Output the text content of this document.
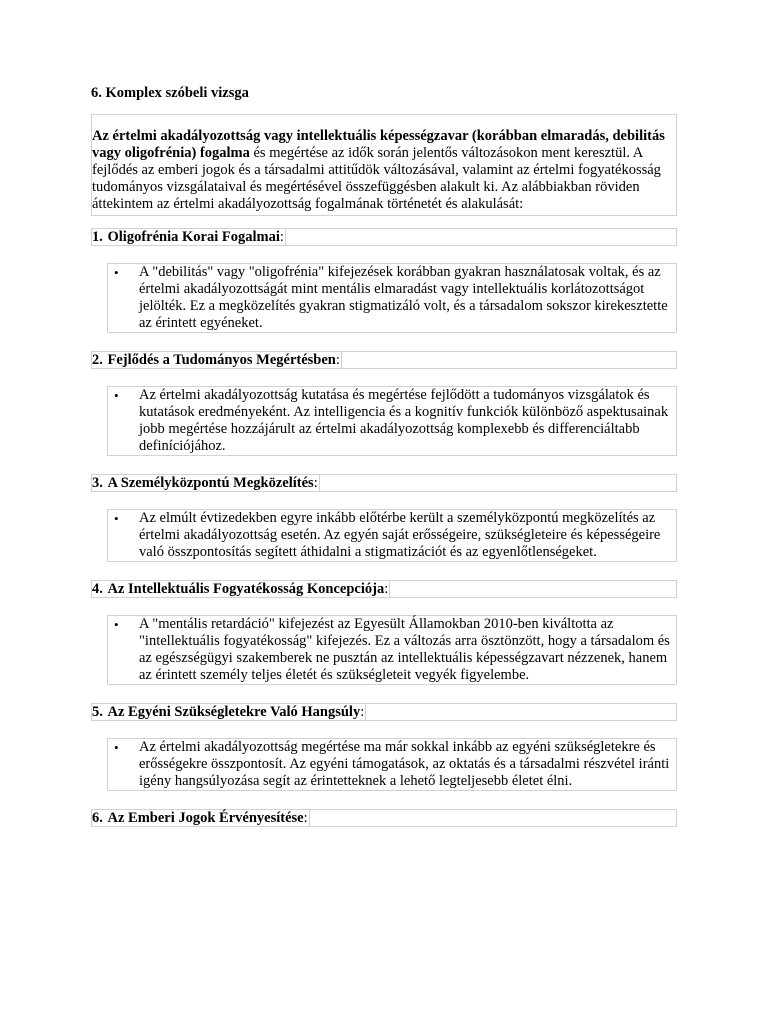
6. Komplex szóbeli vizsga
Az értelmi akadályozottság vagy intellektuális képességzavar (korábban elmaradás, debilitás vagy oligofrénia) fogalma és megértése az idők során jelentős változásokon ment keresztül. A fejlődés az emberi jogok és a társadalmi attitűdök változásával, valamint az értelmi fogyatékosság tudományos vizsgálataival és megértésével összefüggésben alakult ki. Az alábbiakban röviden áttekintem az értelmi akadályozottság fogalmának történetét és alakulását:
1. Oligofrénia Korai Fogalmai:
• A "debilitás" vagy "oligofrénia" kifejezések korábban gyakran használatosak voltak, és az értelmi akadályozottságát mint mentális elmaradást vagy intellektuális korlátozottságot jelölték. Ez a megközelítés gyakran stigmatizáló volt, és a társadalom sokszor kirekesztette az érintett egyéneket.
2. Fejlődés a Tudományos Megértésben:
• Az értelmi akadályozottság kutatása és megértése fejlődött a tudományos vizsgálatok és kutatások eredményeként. Az intelligencia és a kognitív funkciók különböző aspektusainak jobb megértése hozzájárult az értelmi akadályozottság komplexebb és differenciáltabb definíciójához.
3. A Személyközpontú Megközelítés:
• Az elmúlt évtizedekben egyre inkább előtérbe került a személyközpontú megközelítés az értelmi akadályozottság esetén. Az egyén saját erősségeire, szükségleteire és képességeire való összpontosítás segített áthidalni a stigmatizációt és az egyenlőtlenségeket.
4. Az Intellektuális Fogyatékosság Koncepciója:
• A "mentális retardáció" kifejezést az Egyesült Államokban 2010-ben kiváltotta az "intellektuális fogyatékosság" kifejezés. Ez a változás arra ösztönzött, hogy a társadalom és az egészségügyi szakemberek ne pusztán az intellektuális képességzavart nézzenek, hanem az érintett személy teljes életét és szükségleteit vegyék figyelembe.
5. Az Egyéni Szükségletekre Való Hangsúly:
• Az értelmi akadályozottság megértése ma már sokkal inkább az egyéni szükségletekre és erősségekre összpontosít. Az egyéni támogatások, az oktatás és a társadalmi részvétel iránti igény hangsúlyozása segít az érintetteknek a lehető legteljesebb életet élni.
6. Az Emberi Jogok Érvényesítése:
